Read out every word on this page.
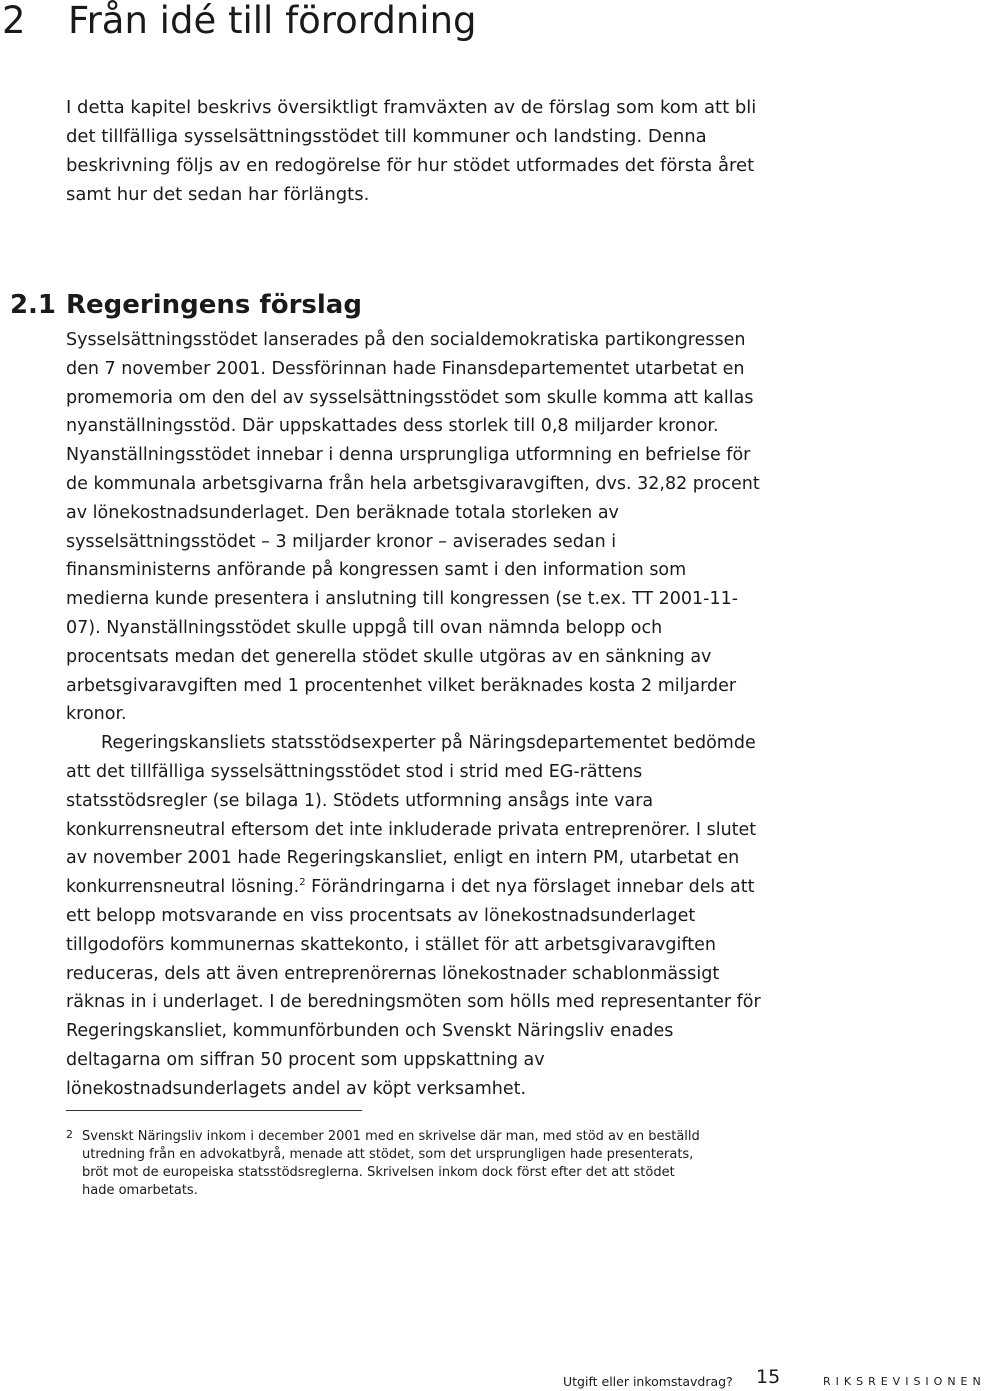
2 Från idé till förordning

I detta kapitel beskrivs översiktligt framväxten av de förslag som kom att bli det tillfälliga sysselsättningsstödet till kommuner och landsting. Denna beskrivning följs av en redogörelse för hur stödet utformades det första året samt hur det sedan har förlängts.

2.1 Regeringens förslag

Sysselsättningsstödet lanserades på den socialdemokratiska partikongressen den 7 november 2001. Dessförinnan hade Finansdepartementet utarbetat en promemoria om den del av sysselsättningsstödet som skulle komma att kallas nyanställningsstöd. Där uppskattades dess storlek till 0,8 miljarder kronor. Nyanställningsstödet innebar i denna ursprungliga utformning en befrielse för de kommunala arbetsgivarna från hela arbetsgivaravgiften, dvs. 32,82 procent av lönekostnadsunderlaget. Den beräknade totala storleken av sysselsättningsstödet – 3 miljarder kronor – aviserades sedan i finansministerns anförande på kongressen samt i den information som medierna kunde presentera i anslutning till kongressen (se t.ex. TT 2001-11-07). Nyanställningsstödet skulle uppgå till ovan nämnda belopp och procentsats medan det generella stödet skulle utgöras av en sänkning av arbetsgivaravgiften med 1 procentenhet vilket beräknades kosta 2 miljarder kronor.

Regeringskansliets statsstödsexperter på Näringsdepartementet bedömde att det tillfälliga sysselsättningsstödet stod i strid med EG-rättens statsstödsregler (se bilaga 1). Stödets utformning ansågs inte vara konkurrensneutral eftersom det inte inkluderade privata entreprenörer. I slutet av november 2001 hade Regeringskansliet, enligt en intern PM, utarbetat en konkurrensneutral lösning.$^2$ Förändringarna i det nya förslaget innebar dels att ett belopp motsvarande en viss procentsats av lönekostnadsunderlaget tillgodoförs kommunernas skattekonto, i stället för att arbetsgivaravgiften reduceras, dels att även entreprenörernas lönekostnader schablonmässigt räknas in i underlaget. I de beredningsmöten som hölls med representanter för Regeringskansliet, kommunförbunden och Svenskt Näringsliv enades deltagarna om siffran 50 procent som uppskattning av lönekostnadsunderlagets andel av köpt verksamhet.

2 Svenskt Näringsliv inkom i december 2001 med en skrivelse där man, med stöd av en beställd utredning från en advokatbyrå, menade att stödet, som det ursprungligen hade presenterats, bröt mot de europeiska statsstödsreglerna. Skrivelsen inkom dock först efter det att stödet hade omarbetats.

Utgift eller inkomstavdrag? 15	RIKSREVISIONEN
